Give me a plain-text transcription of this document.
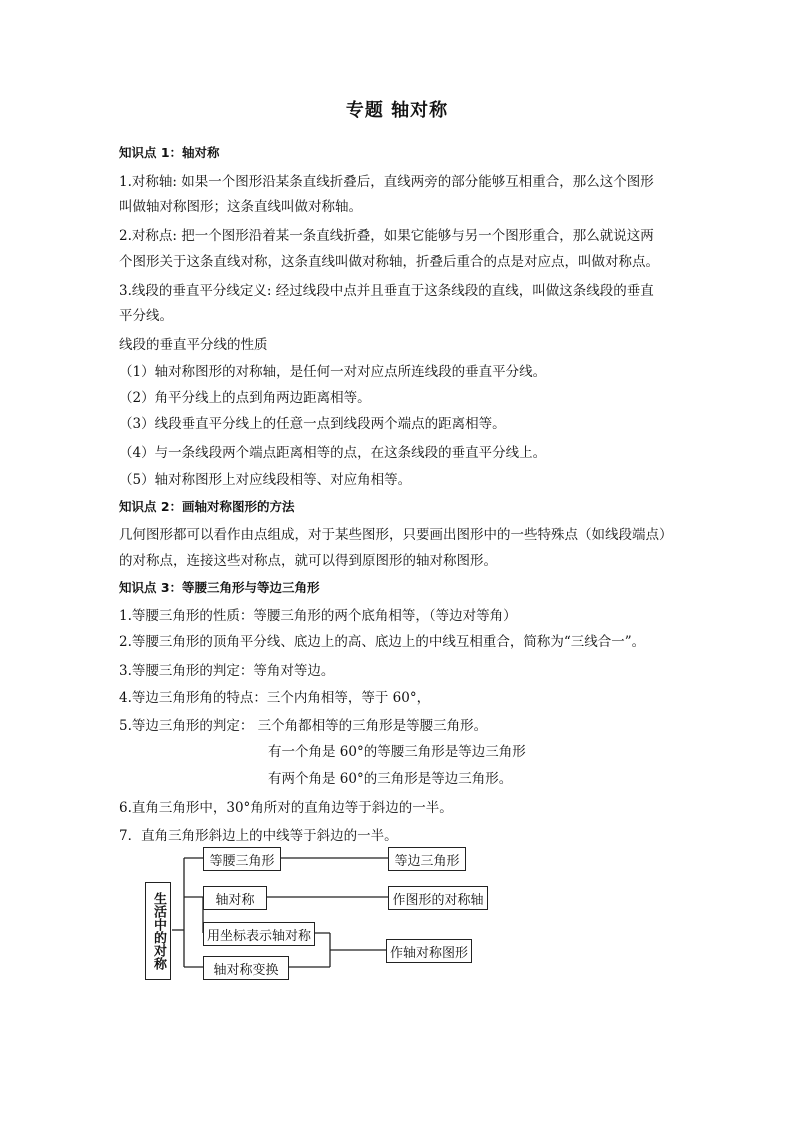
专题 轴对称
知识点 1：轴对称
1.对称轴: 如果一个图形沿某条直线折叠后，直线两旁的部分能够互相重合，那么这个图形
叫做轴对称图形；这条直线叫做对称轴。
2.对称点: 把一个图形沿着某一条直线折叠，如果它能够与另一个图形重合，那么就说这两
个图形关于这条直线对称，这条直线叫做对称轴，折叠后重合的点是对应点，叫做对称点。
3.线段的垂直平分线定义: 经过线段中点并且垂直于这条线段的直线，叫做这条线段的垂直
平分线。
线段的垂直平分线的性质
（1）轴对称图形的对称轴，是任何一对对应点所连线段的垂直平分线。
（2）角平分线上的点到角两边距离相等。
（3）线段垂直平分线上的任意一点到线段两个端点的距离相等。
（4）与一条线段两个端点距离相等的点，在这条线段的垂直平分线上。
（5）轴对称图形上对应线段相等、对应角相等。
知识点 2：画轴对称图形的方法
几何图形都可以看作由点组成，对于某些图形，只要画出图形中的一些特殊点（如线段端点）
的对称点，连接这些对称点，就可以得到原图形的轴对称图形。
知识点 3：等腰三角形与等边三角形
1.等腰三角形的性质：等腰三角形的两个底角相等，（等边对等角）
2.等腰三角形的顶角平分线、底边上的高、底边上的中线互相重合，简称为“三线合一”。
3.等腰三角形的判定：等角对等边。
4.等边三角形角的特点：三个内角相等，等于 60°，
5.等边三角形的判定： 三个角都相等的三角形是等腰三角形。
有一个角是 60°的等腰三角形是等边三角形
有两个角是 60°的三角形是等边三角形。
6.直角三角形中，30°角所对的直角边等于斜边的一半。
7．直角三角形斜边上的中线等于斜边的一半。
生活中的对称
等腰三角形
轴对称
用坐标表示轴对称
轴对称变换
等边三角形
作图形的对称轴
作轴对称图形
